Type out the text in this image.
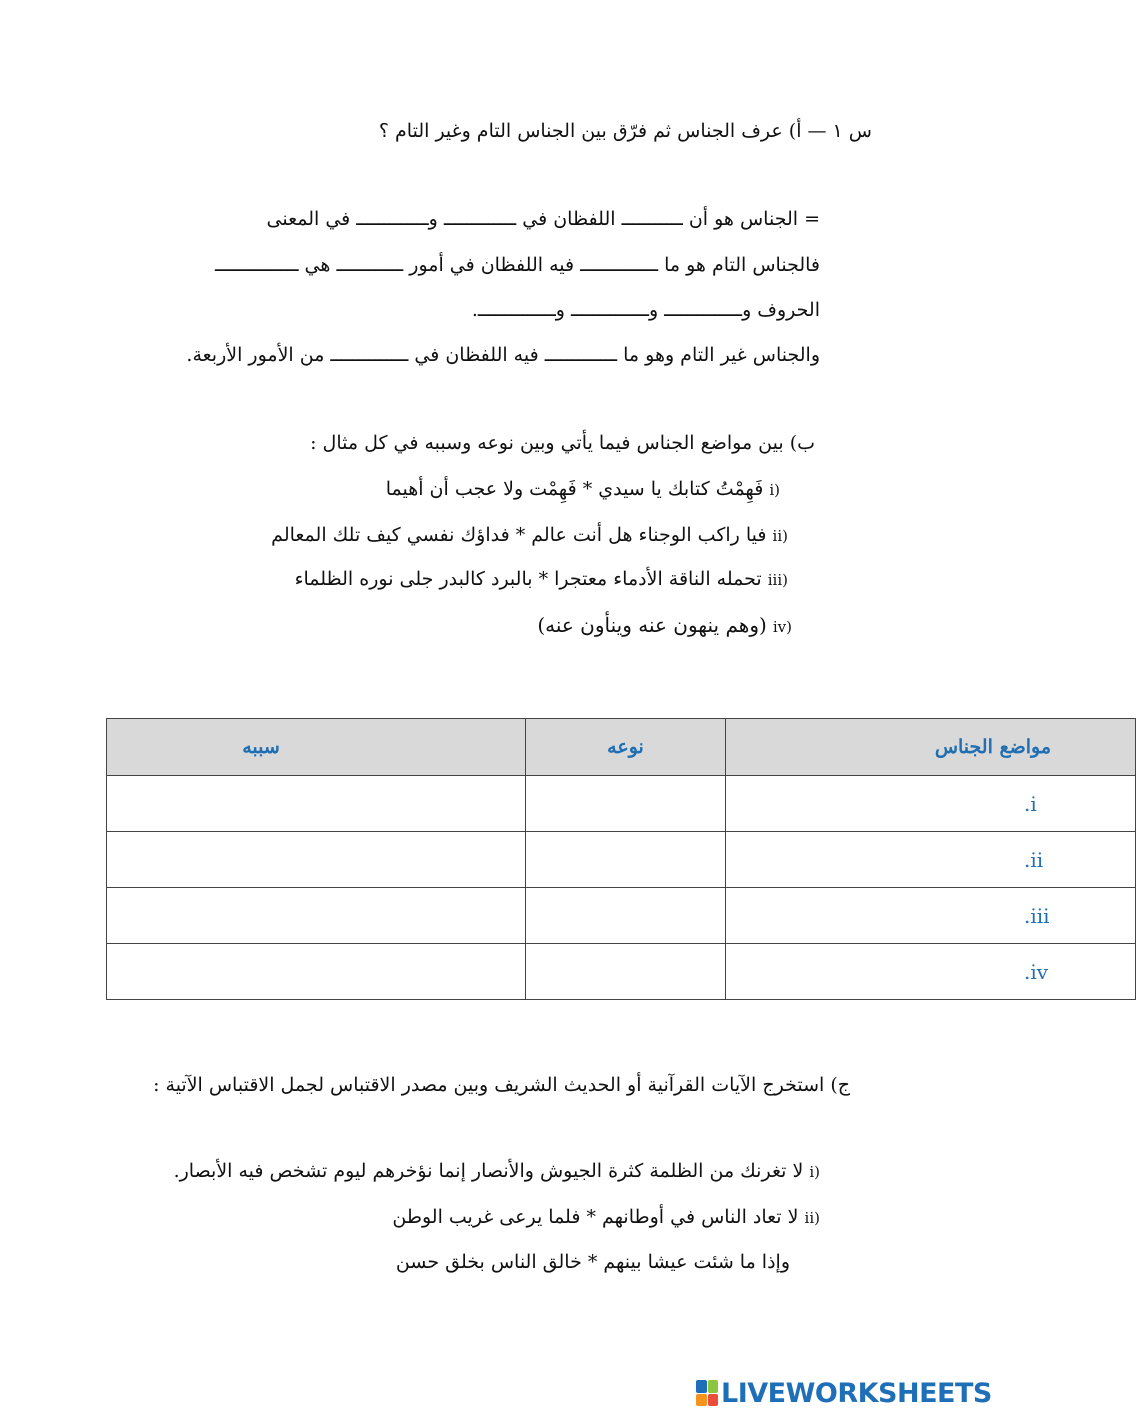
س ١ — أ) عرف الجناس ثم فرّق بين الجناس التام وغير التام ؟
= الجناس هو أن ـــــــــــ اللفظان في ـــــــــــــ وـــــــــــــ في المعنى
فالجناس التام هو ما ــــــــــــــ فيه اللفظان في أمور ــــــــــــ هي ـــــــــــــــ
الحروف وــــــــــــــ وــــــــــــــ وــــــــــــــ.
والجناس غير التام وهو ما ـــــــــــــ فيه اللفظان في ــــــــــــــ من الأمور الأربعة.
ب) بين مواضع الجناس فيما يأتي وبين نوعه وسببه في كل مثال :
(i فَهِمْتُ كتابك يا سيدي * فَهِمْت ولا عجب أن أهيما
(ii فيا راكب الوجناء هل أنت عالم * فداؤك نفسي كيف تلك المعالم
(iii تحمله الناقة الأدماء معتجرا * بالبرد كالبدر جلى نوره الظلماء
(iv (وهم ينهون عنه وينأون عنه)
سببه	نوعه	مواضع الجناس

		.i

		.ii

		.iii

		.iv
ج) استخرج الآيات القرآنية أو الحديث الشريف وبين مصدر الاقتباس لجمل الاقتباس الآتية :
(i لا تغرنك من الظلمة كثرة الجيوش والأنصار إنما نؤخرهم ليوم تشخص فيه الأبصار.
(ii لا تعاد الناس في أوطانهم * فلما يرعى غريب الوطن
وإذا ما شئت عيشا بينهم * خالق الناس بخلق حسن
LIVEWORKSHEETS
